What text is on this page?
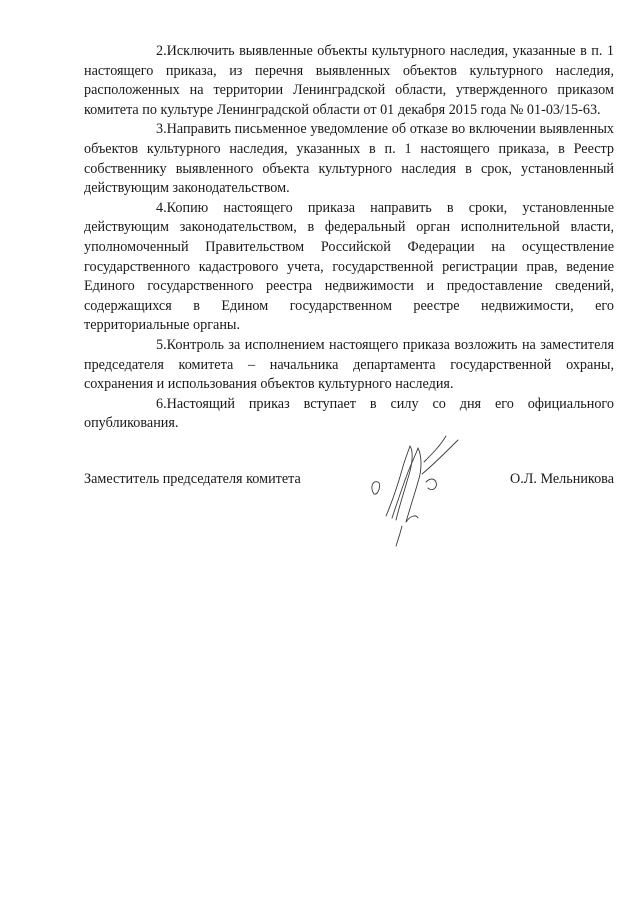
2.Исключить выявленные объекты культурного наследия, указанные в п. 1 настоящего приказа, из перечня выявленных объектов культурного наследия, расположенных на территории Ленинградской области, утвержденного приказом комитета по культуре Ленинградской области от 01 декабря 2015 года № 01-03/15-63.

3.Направить письменное уведомление об отказе во включении выявленных объектов культурного наследия, указанных в п. 1 настоящего приказа, в Реестр собственнику выявленного объекта культурного наследия в срок, установленный действующим законодательством.

4.Копию настоящего приказа направить в сроки, установленные действующим законодательством, в федеральный орган исполнительной власти, уполномоченный Правительством Российской Федерации на осуществление государственного кадастрового учета, государственной регистрации прав, ведение Единого государственного реестра недвижимости и предоставление сведений, содержащихся в Едином государственном реестре недвижимости, его территориальные органы.

5.Контроль за исполнением настоящего приказа возложить на заместителя председателя комитета – начальника департамента государственной охраны, сохранения и использования объектов культурного наследия.

6.Настоящий приказ вступает в силу со дня его официального опубликования.

Заместитель председателя комитета	О.Л. Мельникова
